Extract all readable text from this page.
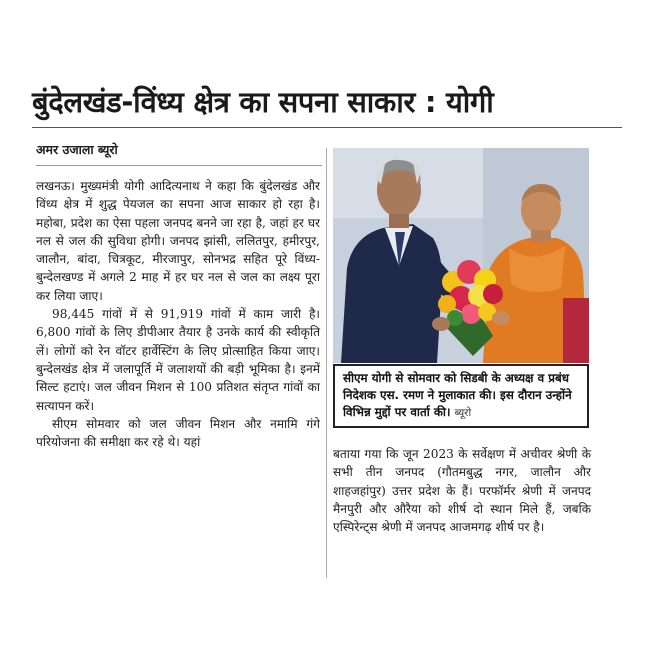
बुंदेलखंड-विंध्य क्षेत्र का सपना साकार : योगी
अमर उजाला ब्यूरो

लखनऊ। मुख्यमंत्री योगी आदित्यनाथ ने कहा कि बुंदेलखंड और विंध्य क्षेत्र में शुद्ध पेयजल का सपना आज साकार हो रहा है। महोबा, प्रदेश का ऐसा पहला जनपद बनने जा रहा है, जहां हर घर नल से जल की सुविधा होगी। जनपद झांसी, ललितपुर, हमीरपुर, जालौन, बांदा, चित्रकूट, मीरजापुर, सोनभद्र सहित पूरे विंध्य-बुन्देलखण्ड में अगले 2 माह में हर घर नल से जल का लक्ष्य पूरा कर लिया जाए।

98,445 गांवों में से 91,919 गांवों में काम जारी है। 6,800 गांवों के लिए डीपीआर तैयार है उनके कार्य की स्वीकृति लें। लोगों को रेन वॉटर हार्वेस्टिंग के लिए प्रोत्साहित किया जाए। बुन्देलखंड क्षेत्र में जलापूर्ति में जलाशयों की बड़ी भूमिका है। इनमें सिल्ट हटाएं। जल जीवन मिशन से 100 प्रतिशत संतृप्त गांवों का सत्यापन करें।

सीएम सोमवार को जल जीवन मिशन और नमामि गंगे परियोजना की समीक्षा कर रहे थे। यहां

सीएम योगी से सोमवार को सिडबी के अध्यक्ष व प्रबंध निदेशक एस. रमण ने मुलाकात की। इस दौरान उन्होंने विभिन्न मुद्दों पर वार्ता की। ब्यूरो

बताया गया कि जून 2023 के सर्वेक्षण में अचीवर श्रेणी के सभी तीन जनपद (गौतमबुद्ध नगर, जालौन और शाहजहांपुर) उत्तर प्रदेश के हैं। परफॉर्मर श्रेणी में जनपद मैनपुरी और औरैया को शीर्ष दो स्थान मिले हैं, जबकि एस्पिरेन्ट्स श्रेणी में जनपद आजमगढ़ शीर्ष पर है।
